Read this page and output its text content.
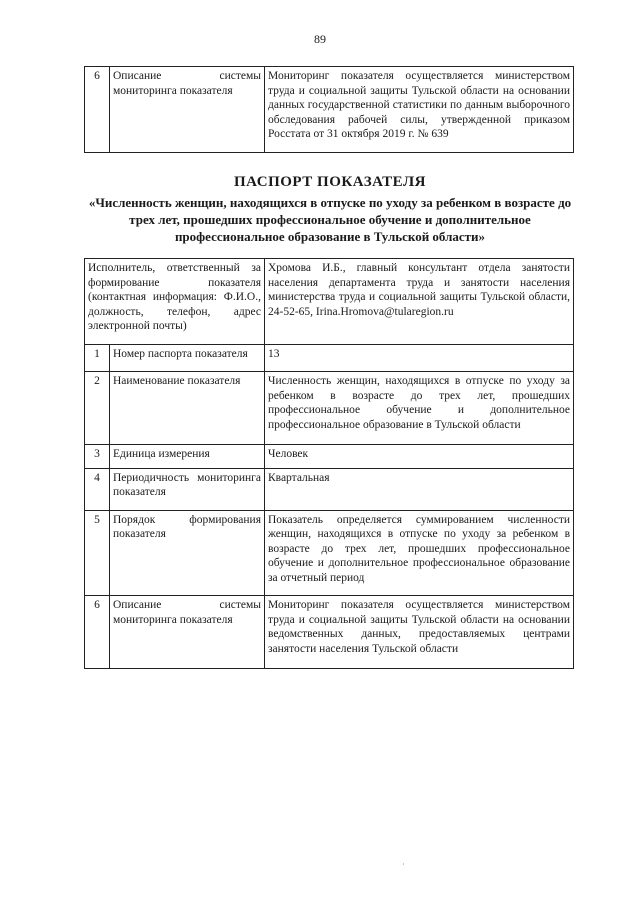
89
6	Описание системы мониторинга показателя	Мониторинг показателя осуществляется министерством труда и социальной защиты Тульской области на основании данных государственной статистики по данным выборочного обследования рабочей силы, утвержденной приказом Росстата от 31 октября 2019 г. № 639
ПАСПОРТ ПОКАЗАТЕЛЯ
«Численность женщин, находящихся в отпуске по уходу за ребенком в возрасте до трех лет, прошедших профессиональное обучение и дополнительное профессиональное образование в Тульской области»
Исполнитель, ответственный за формирование показателя (контактная информация: Ф.И.О., должность, телефон, адрес электронной почты)		Хромова И.Б., главный консультант отдела занятости населения департамента труда и занятости населения министерства труда и социальной защиты Тульской области, 24-52-65, Irina.Hromova@tularegion.ru
1	Номер паспорта показателя	13
2	Наименование показателя	Численность женщин, находящихся в отпуске по уходу за ребенком в возрасте до трех лет, прошедших профессиональное обучение и дополнительное профессиональное образование в Тульской области
3	Единица измерения	Человек
4	Периодичность мониторинга показателя	Квартальная
5	Порядок формирования показателя	Показатель определяется суммированием численности женщин, находящихся в отпуске по уходу за ребенком в возрасте до трех лет, прошедших профессиональное обучение и дополнительное профессиональное образование за отчетный период
6	Описание системы мониторинга показателя	Мониторинг показателя осуществляется министерством труда и социальной защиты Тульской области на основании ведомственных данных, предоставляемых центрами занятости населения Тульской области
·
